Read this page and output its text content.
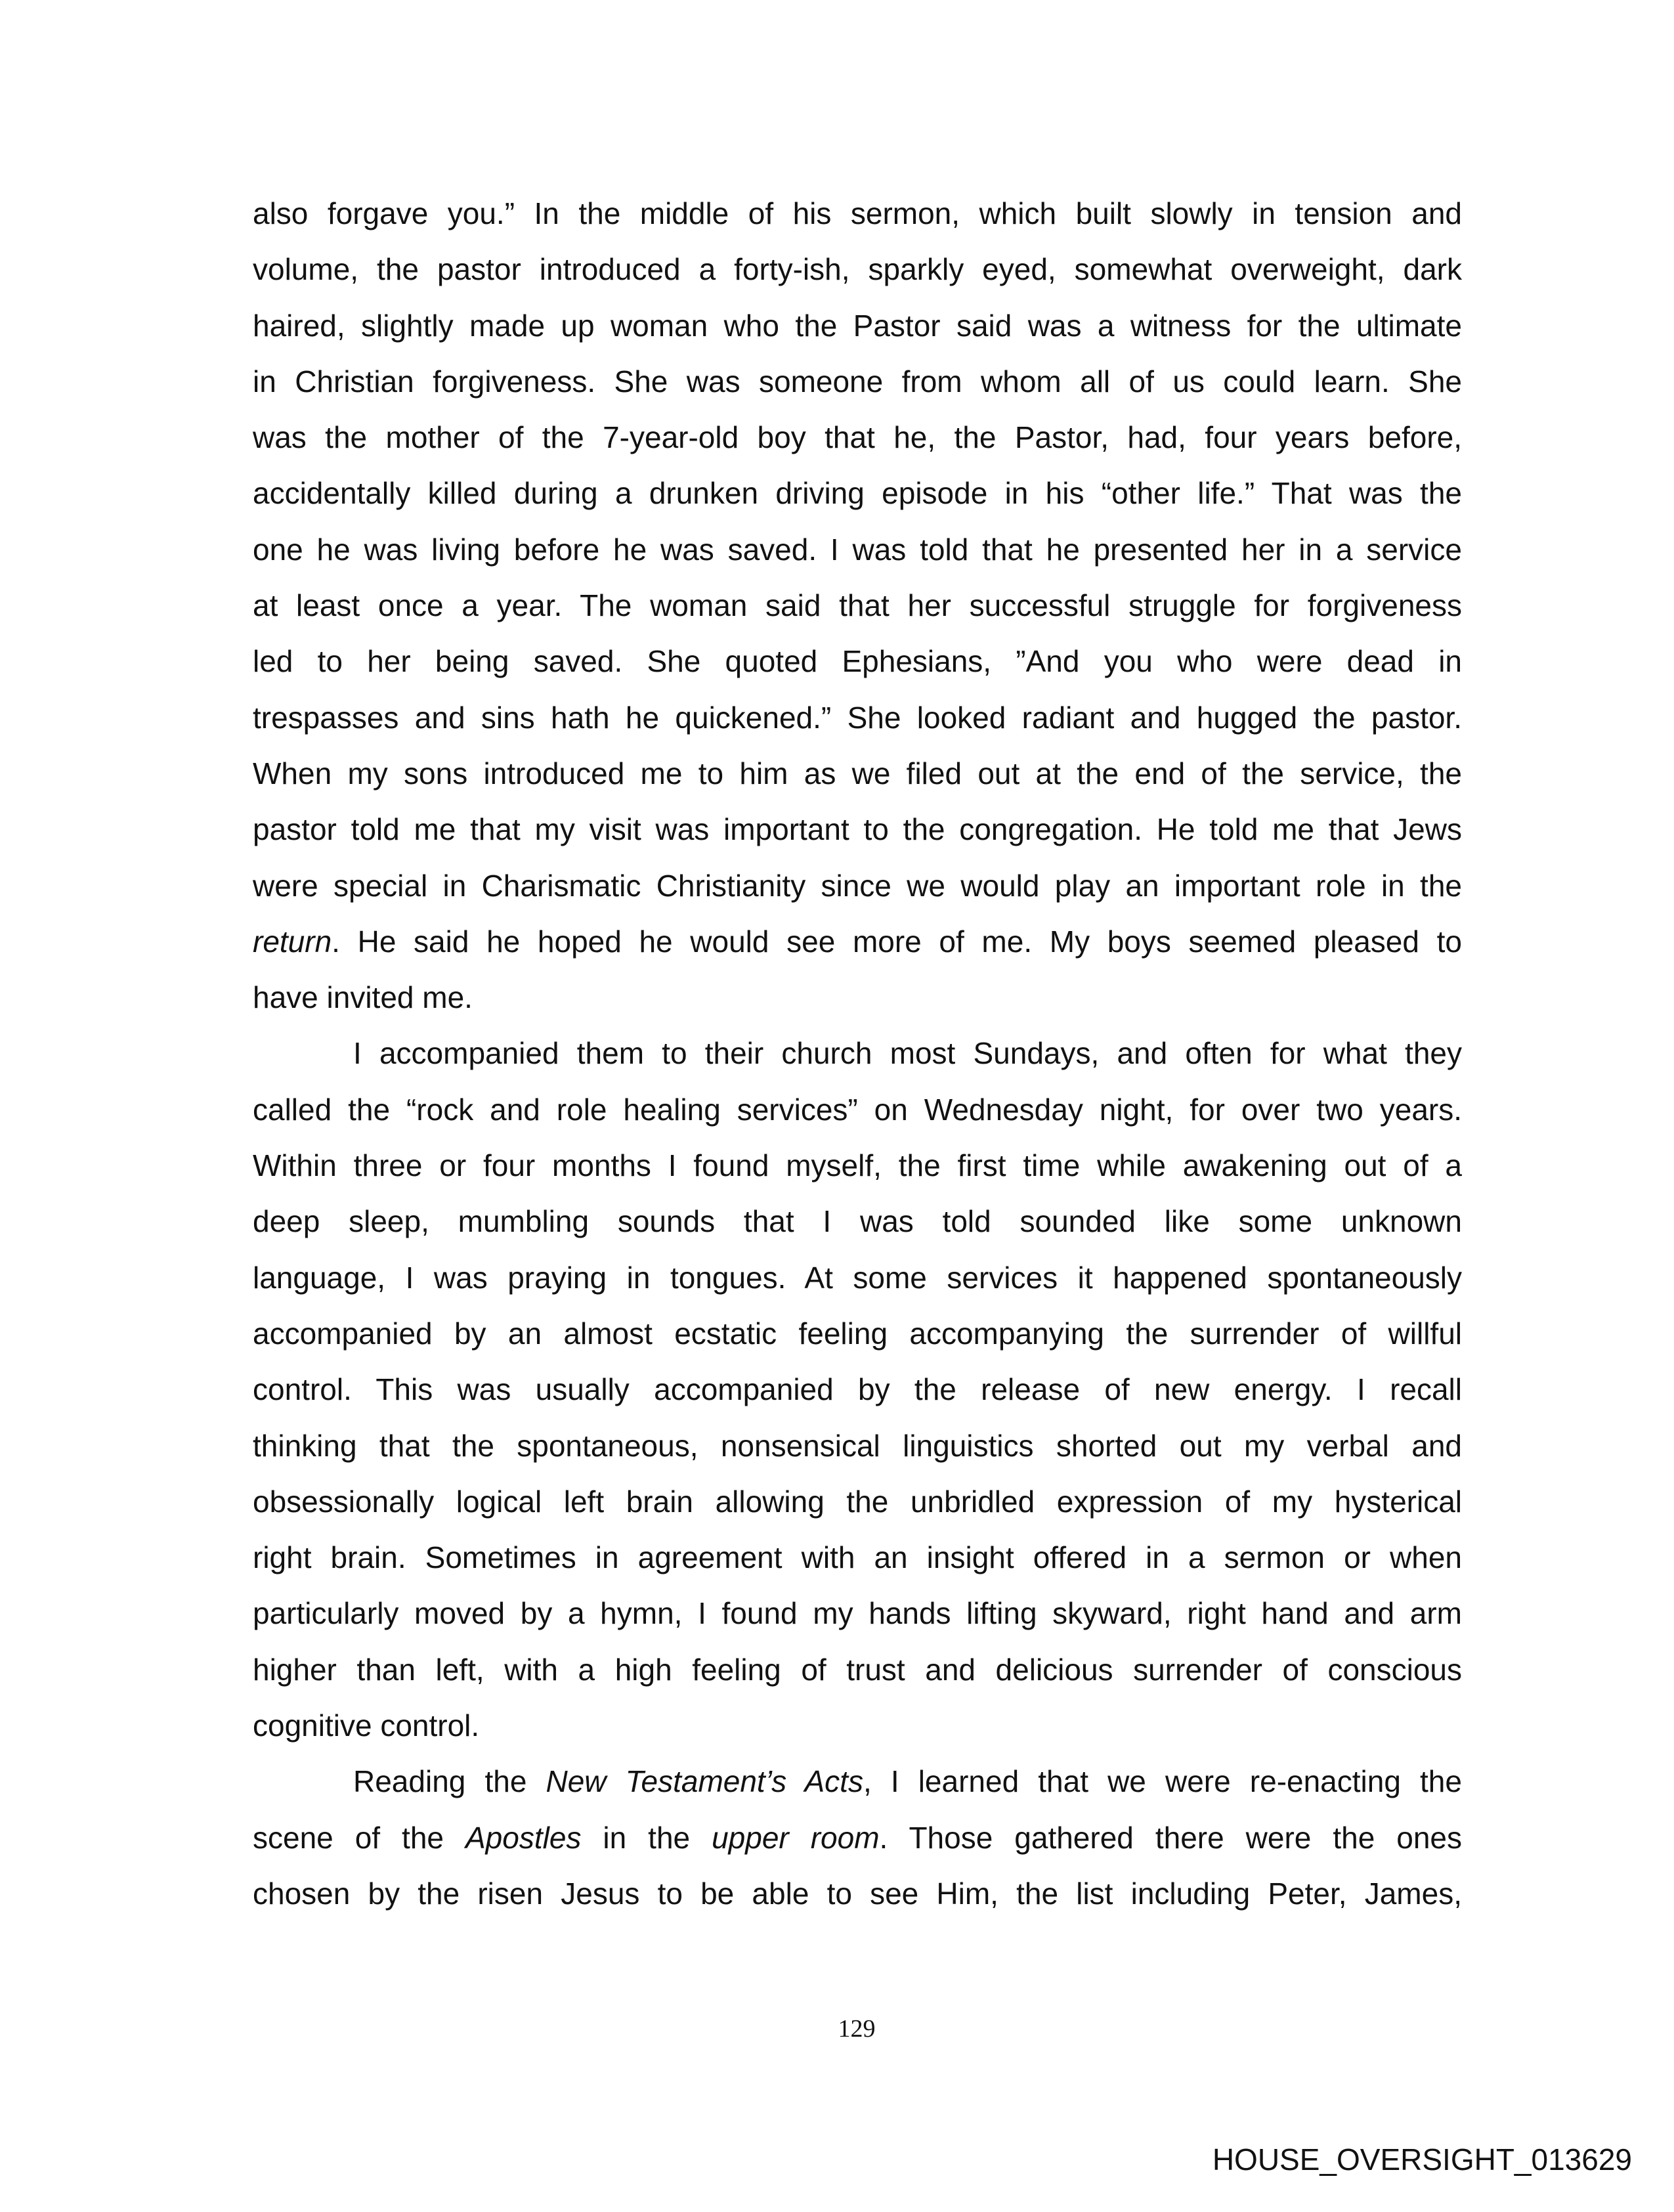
also forgave you.” In the middle of his sermon, which built slowly in tension and
volume, the pastor introduced a forty-ish, sparkly eyed, somewhat overweight, dark
haired, slightly made up woman who the Pastor said was a witness for the ultimate
in Christian forgiveness. She was someone from whom all of us could learn. She
was the mother of the 7-year-old boy that he, the Pastor, had, four years before,
accidentally killed during a drunken driving episode in his “other life.” That was the
one he was living before he was saved. I was told that he presented her in a service
at least once a year. The woman said that her successful struggle for forgiveness
led to her being saved. She quoted Ephesians, ”And you who were dead in
trespasses and sins hath he quickened.” She looked radiant and hugged the pastor.
When my sons introduced me to him as we filed out at the end of the service, the
pastor told me that my visit was important to the congregation. He told me that Jews
were special in Charismatic Christianity since we would play an important role in the
return. He said he hoped he would see more of me. My boys seemed pleased to
have invited me.
I accompanied them to their church most Sundays, and often for what they
called the “rock and role healing services” on Wednesday night, for over two years.
Within three or four months I found myself, the first time while awakening out of a
deep sleep, mumbling sounds that I was told sounded like some unknown
language, I was praying in tongues. At some services it happened spontaneously
accompanied by an almost ecstatic feeling accompanying the surrender of willful
control. This was usually accompanied by the release of new energy. I recall
thinking that the spontaneous, nonsensical linguistics shorted out my verbal and
obsessionally logical left brain allowing the unbridled expression of my hysterical
right brain. Sometimes in agreement with an insight offered in a sermon or when
particularly moved by a hymn, I found my hands lifting skyward, right hand and arm
higher than left, with a high feeling of trust and delicious surrender of conscious
cognitive control.
Reading the New Testament’s Acts, I learned that we were re-enacting the
scene of the Apostles in the upper room. Those gathered there were the ones
chosen by the risen Jesus to be able to see Him, the list including Peter, James,
129
HOUSE_OVERSIGHT_013629
